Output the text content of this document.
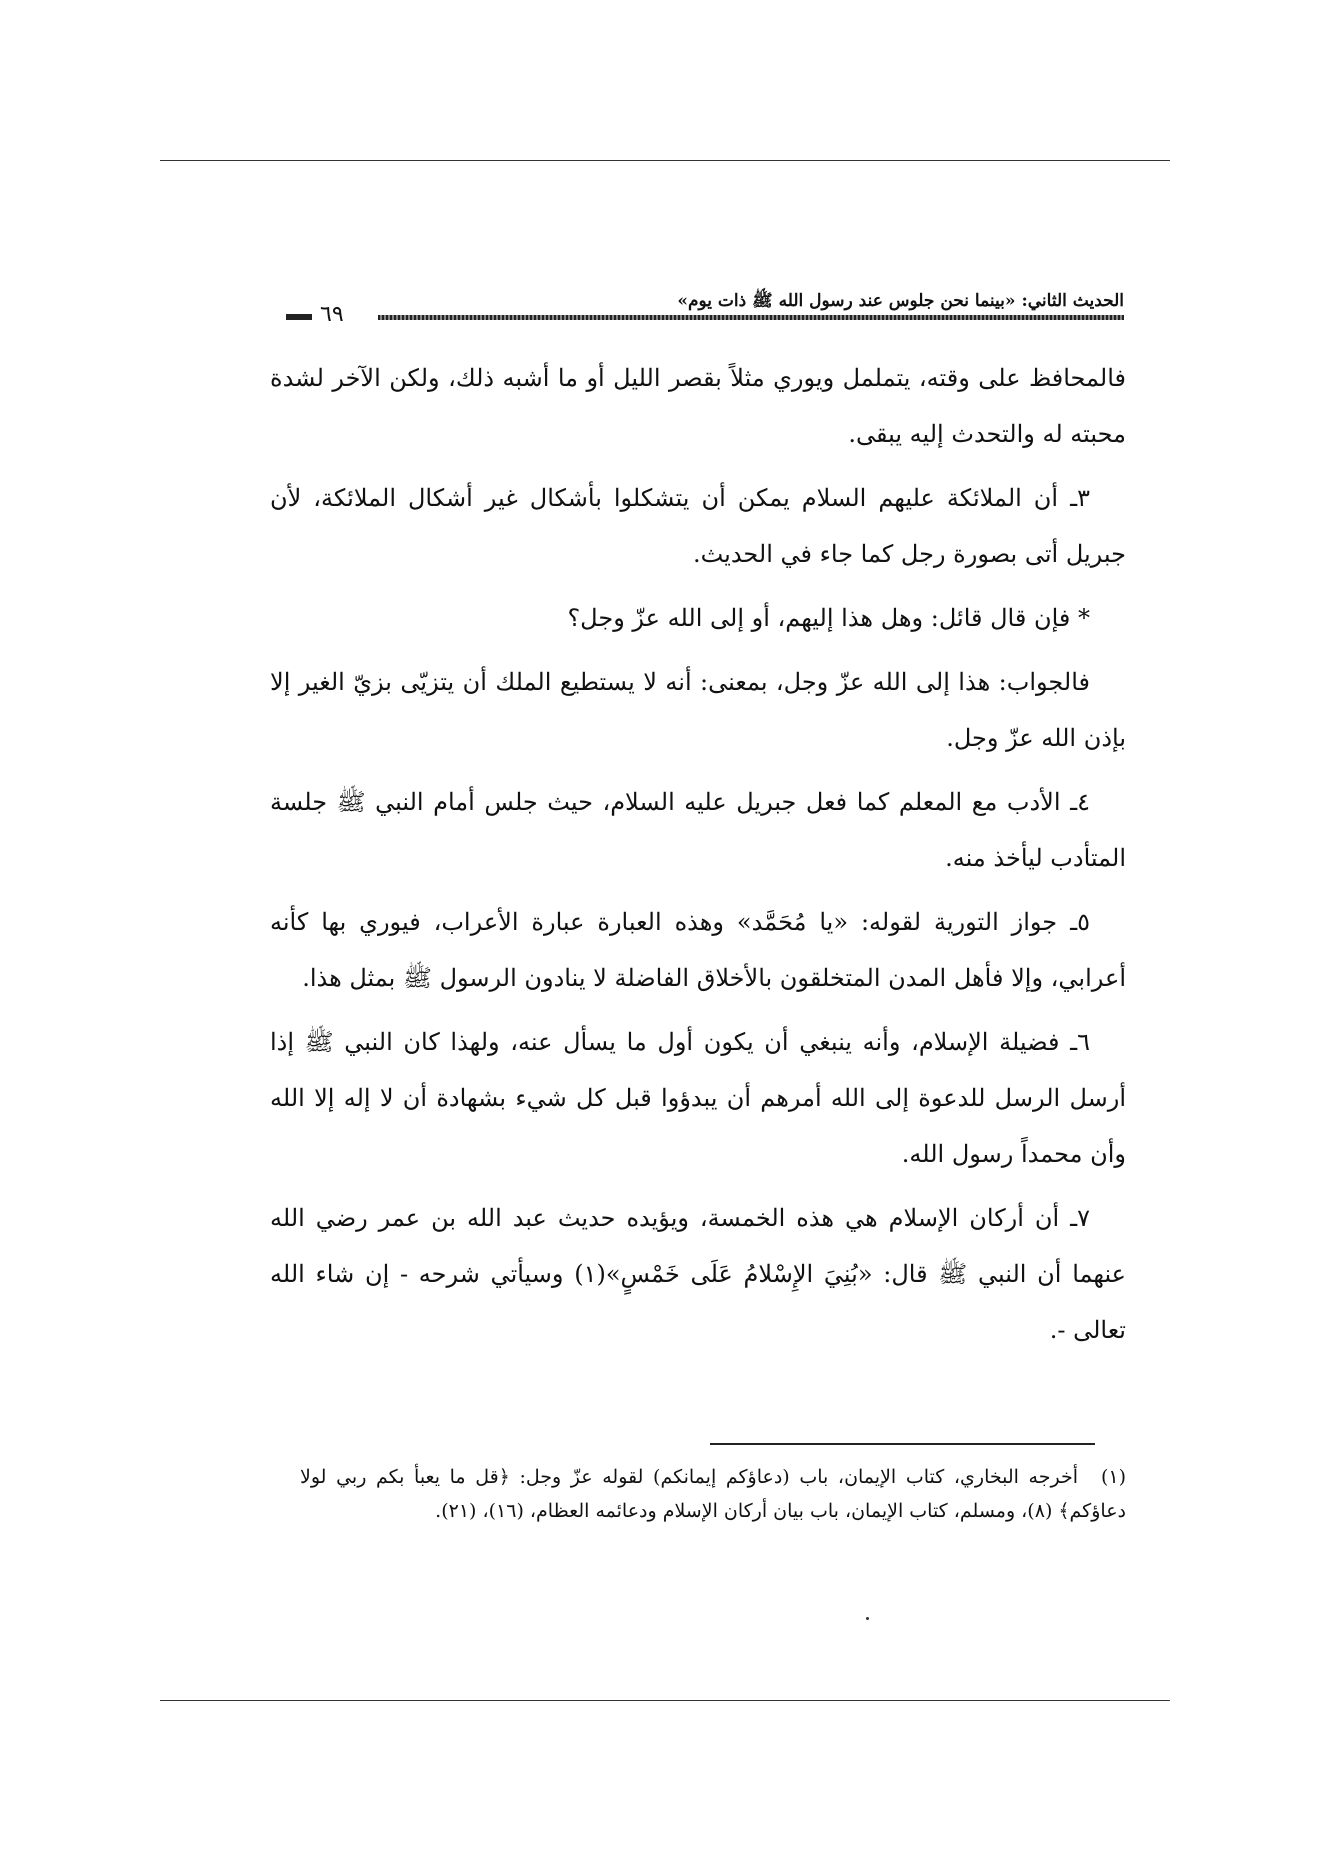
الحديث الثاني: «بينما نحن جلوس عند رسول الله ﷺ ذات يوم»
٦٩

فالمحافظ على وقته، يتململ ويوري مثلاً بقصر الليل أو ما أشبه ذلك، ولكن الآخر لشدة محبته له والتحدث إليه يبقى.

٣ـ أن الملائكة عليهم السلام يمكن أن يتشكلوا بأشكال غير أشكال الملائكة، لأن جبريل أتى بصورة رجل كما جاء في الحديث.

* فإن قال قائل: وهل هذا إليهم، أو إلى الله عزّ وجل؟

فالجواب: هذا إلى الله عزّ وجل، بمعنى: أنه لا يستطيع الملك أن يتزيّى بزيّ الغير إلا بإذن الله عزّ وجل.

٤ـ الأدب مع المعلم كما فعل جبريل عليه السلام، حيث جلس أمام النبي ﷺ جلسة المتأدب ليأخذ منه.

٥ـ جواز التورية لقوله: «يا مُحَمَّد» وهذه العبارة عبارة الأعراب، فيوري بها كأنه أعرابي، وإلا فأهل المدن المتخلقون بالأخلاق الفاضلة لا ينادون الرسول ﷺ بمثل هذا.

٦ـ فضيلة الإسلام، وأنه ينبغي أن يكون أول ما يسأل عنه، ولهذا كان النبي ﷺ إذا أرسل الرسل للدعوة إلى الله أمرهم أن يبدؤوا قبل كل شيء بشهادة أن لا إله إلا الله وأن محمداً رسول الله.

٧ـ أن أركان الإسلام هي هذه الخمسة، ويؤيده حديث عبد الله بن عمر رضي الله عنهما أن النبي ﷺ قال: «بُنِيَ الإِسْلامُ عَلَى خَمْسٍ»(١) وسيأتي شرحه - إن شاء الله تعالى -.

(١)أخرجه البخاري، كتاب الإيمان، باب (دعاؤكم إيمانكم) لقوله عزّ وجل: ﴿قل ما يعبأ بكم ربي لولا دعاؤكم﴾ (٨)، ومسلم، كتاب الإيمان، باب بيان أركان الإسلام ودعائمه العظام، (١٦)، (٢١).
